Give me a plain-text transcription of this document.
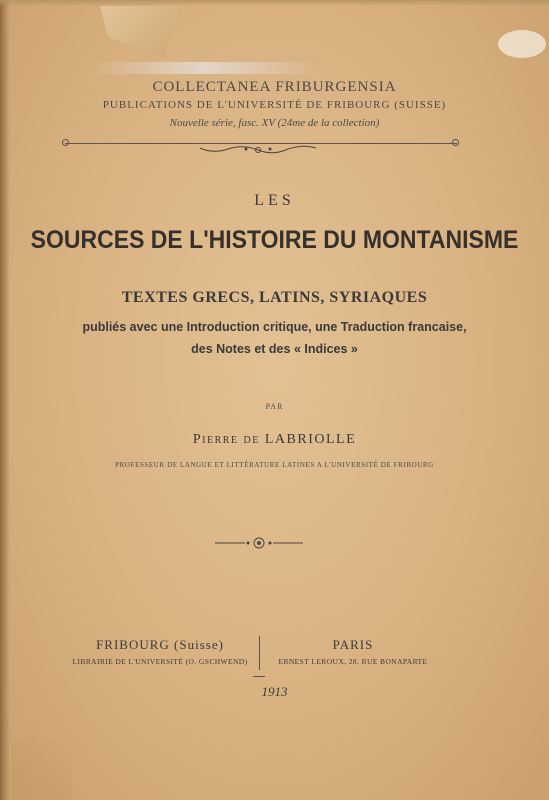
COLLECTANEA FRIBURGENSIA
PUBLICATIONS DE L'UNIVERSITÉ DE FRIBOURG (SUISSE)
Nouvelle série, fasc. XV (24me de la collection)
LES
SOURCES DE L'HISTOIRE DU MONTANISME
TEXTES GRECS, LATINS, SYRIAQUES
publiés avec une Introduction critique, une Traduction francaise,
des Notes et des « Indices »
PAR
Pierre de LABRIOLLE
PROFESSEUR DE LANGUE ET LITTÉRATURE LATINES A L'UNIVERSITÉ DE FRIBOURG
FRIBOURG (Suisse)
LIBRAIRIE DE L'UNIVERSITÉ (O. GSCHWEND)
PARIS
ERNEST LEROUX, 28, RUE BONAPARTE
1913
